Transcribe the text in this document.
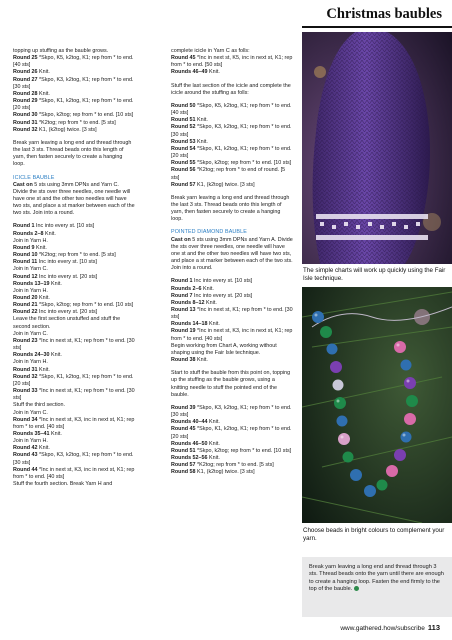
Christmas baubles

topping up stuffing as the bauble grows.
Round 25 *Skpo, K5, k2tog, K1; rep from * to end. [40 sts]
Round 26 Knit.
Round 27 *Skpo, K3, k2tog, K1; rep from * to end. [30 sts]
Round 28 Knit.
Round 29 *Skpo, K1, k2tog, K1; rep from * to end. [20 sts]
Round 30 *Skpo, k2tog; rep from * to end. [10 sts]
Round 31 *K2tog; rep from * to end. [5 sts]
Round 32 K1, (k2tog) twice. [3 sts]

Break yarn leaving a long end and thread through the last 3 sts. Thread beads onto this length of yarn, then fasten securely to create a hanging loop.

ICICLE BAUBLE

Cast on 5 sts using 3mm DPNs and Yarn C. Divide the sts over three needles, one needle will have one st and the other two needles will have two sts, and place a st marker between each of the two sts. Join into a round.

Round 1 Inc into every st. [10 sts]
Rounds 2–8 Knit.
Join in Yarn H.
Round 9 Knit.
Round 10 *K2tog; rep from * to end. [5 sts]
Round 11 Inc into every st. [10 sts]
Join in Yarn C.
Round 12 Inc into every st. [20 sts]
Rounds 13–19 Knit.
Join in Yarn H.
Round 20 Knit.
Round 21 *Skpo, k2tog; rep from * to end. [10 sts]
Round 22 Inc into every st. [20 sts]
Leave the first section unstuffed and stuff the second section.
Join in Yarn C.
Round 23 *Inc in next st, K1; rep from * to end. [30 sts]
Rounds 24–30 Knit.
Join in Yarn H.
Round 31 Knit.
Round 32 *Skpo, K1, k2tog, K1; rep from * to end. [20 sts]
Round 33 *Inc in next st, K1; rep from * to end. [30 sts]
Stuff the third section.
Join in Yarn C.
Round 34 *Inc in next st, K3, inc in next st, K1; rep from * to end. [40 sts]
Rounds 35–41 Knit.
Join in Yarn H.
Round 42 Knit.
Round 43 *Skpo, K3, k2tog, K1; rep from * to end. [30 sts]
Round 44 *Inc in next st, K3, inc in next st, K1; rep from * to end. [40 sts]
Stuff the fourth section. Break Yarn H and

complete icicle in Yarn C as folls:
Round 45 *Inc in next st, K5, inc in next st, K1; rep from * to end. [50 sts]
Rounds 46–49 Knit.

Stuff the last section of the icicle and complete the icicle around the stuffing as folls:

Round 50 *Skpo, K5, k2tog, K1; rep from * to end. [40 sts]
Round 51 Knit.
Round 52 *Skpo, K3, k2tog, K1; rep from * to end. [30 sts]
Round 53 Knit.
Round 54 *Skpo, K1, k2tog, K1; rep from * to end. [20 sts]
Round 55 *Skpo, k2tog; rep from * to end. [10 sts]
Round 56 *K2tog; rep from * to end of round. [5 sts]
Round 57 K1, (k2tog) twice. [3 sts]

Break yarn leaving a long end and thread through the last 3 sts. Thread beads onto this length of yarn, then fasten securely to create a hanging loop.

POINTED DIAMOND BAUBLE

Cast on 5 sts using 3mm DPNs and Yarn A. Divide the sts over three needles, one needle will have one st and the other two needles will have two sts, and place a st marker between each of the two sts. Join into a round.

Round 1 Inc into every st. [10 sts]
Rounds 2–6 Knit.
Round 7 Inc into every st. [20 sts]
Rounds 8–12 Knit.
Round 13 *Inc in next st, K1; rep from * to end. [30 sts]
Rounds 14–18 Knit.
Round 19 *Inc in next st, K3, inc in next st, K1; rep from * to end. [40 sts]
Begin working from Chart A, working without shaping using the Fair Isle technique.
Round 38 Knit.

Start to stuff the bauble from this point on, topping up the stuffing as the bauble grows, using a knitting needle to stuff the pointed end of the bauble.

Round 39 *Skpo, K3, k2tog, K1; rep from * to end. [30 sts]
Rounds 40–44 Knit.
Round 45 *Skpo, K1, k2tog, K1; rep from * to end. [20 sts]
Rounds 46–50 Knit.
Round 51 *Skpo, k2tog; rep from * to end. [10 sts]
Rounds 52–56 Knit.
Round 57 *K2tog; rep from * to end. [5 sts]
Round 58 K1, (k2tog) twice. [3 sts]

The simple charts will work up quickly using the Fair Isle technique.
Choose beads in bright colours to complement your yarn.

Break yarn leaving a long end and thread through 3 sts. Thread beads onto the yarn until there are enough to create a hanging loop. Fasten the end firmly to the top of the bauble.

www.gathered.how/subscribe 113
